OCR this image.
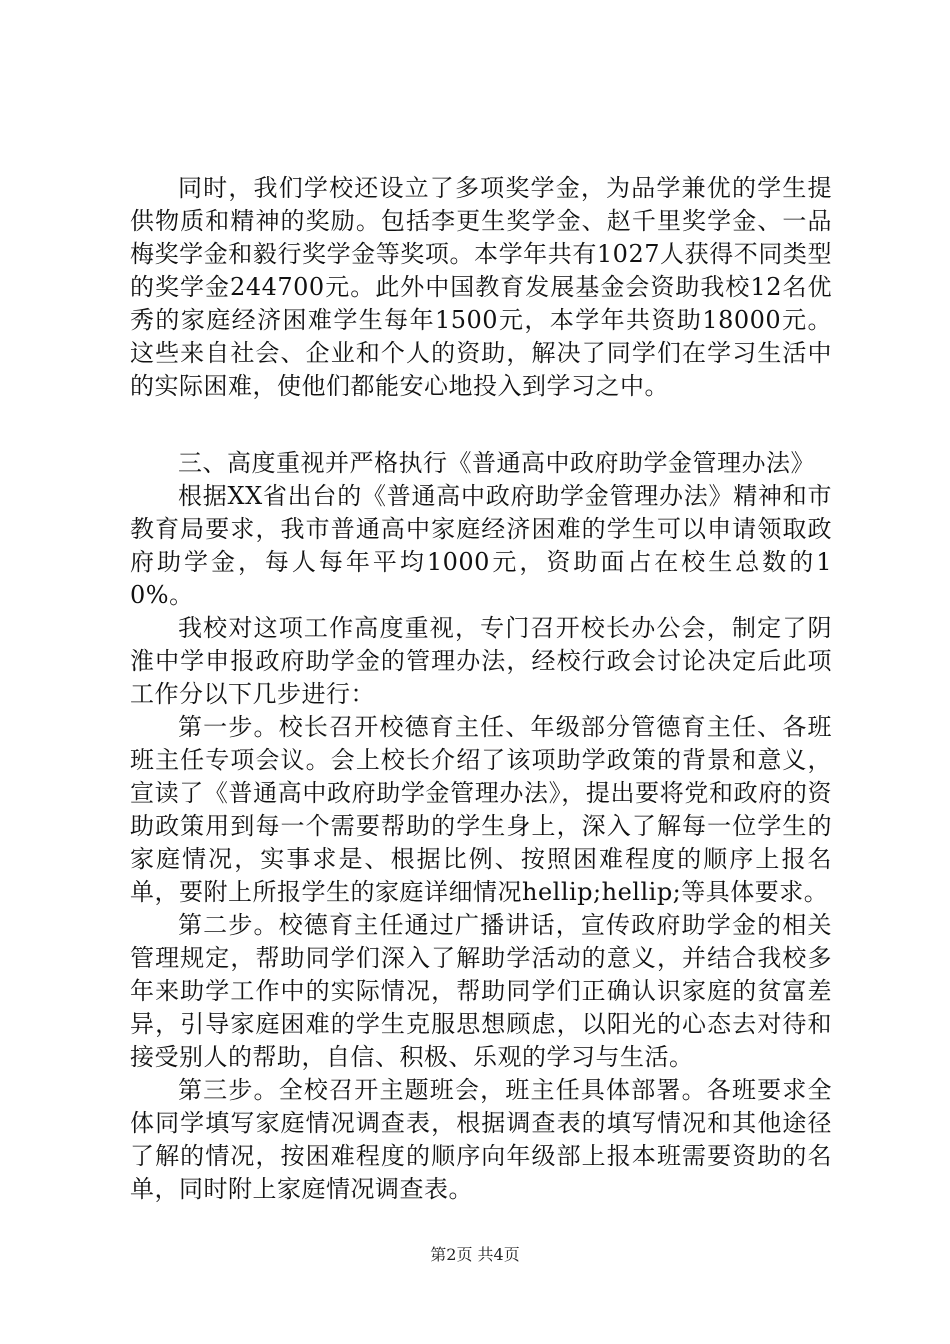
同时，我们学校还设立了多项奖学金，为品学兼优的学生提供物质和精神的奖励。包括李更生奖学金、赵千里奖学金、一品梅奖学金和毅行奖学金等奖项。本学年共有1027人获得不同类型的奖学金244700元。此外中国教育发展基金会资助我校12名优秀的家庭经济困难学生每年1500元，本学年共资助18000元。这些来自社会、企业和个人的资助，解决了同学们在学习生活中的实际困难，使他们都能安心地投入到学习之中。

三、高度重视并严格执行《普通高中政府助学金管理办法》

根据XX省出台的《普通高中政府助学金管理办法》精神和市教育局要求，我市普通高中家庭经济困难的学生可以申请领取政府助学金，每人每年平均1000元，资助面占在校生总数的10%。

我校对这项工作高度重视，专门召开校长办公会，制定了阴淮中学申报政府助学金的管理办法，经校行政会讨论决定后此项工作分以下几步进行：

第一步。校长召开校德育主任、年级部分管德育主任、各班班主任专项会议。会上校长介绍了该项助学政策的背景和意义，宣读了《普通高中政府助学金管理办法》，提出要将党和政府的资助政策用到每一个需要帮助的学生身上，深入了解每一位学生的家庭情况，实事求是、根据比例、按照困难程度的顺序上报名单，要附上所报学生的家庭详细情况hellip;hellip;等具体要求。

第二步。校德育主任通过广播讲话，宣传政府助学金的相关管理规定，帮助同学们深入了解助学活动的意义，并结合我校多年来助学工作中的实际情况，帮助同学们正确认识家庭的贫富差异，引导家庭困难的学生克服思想顾虑，以阳光的心态去对待和接受别人的帮助，自信、积极、乐观的学习与生活。

第三步。全校召开主题班会，班主任具体部署。各班要求全体同学填写家庭情况调查表，根据调查表的填写情况和其他途径了解的情况，按困难程度的顺序向年级部上报本班需要资助的名单，同时附上家庭情况调查表。

第2页 共4页
